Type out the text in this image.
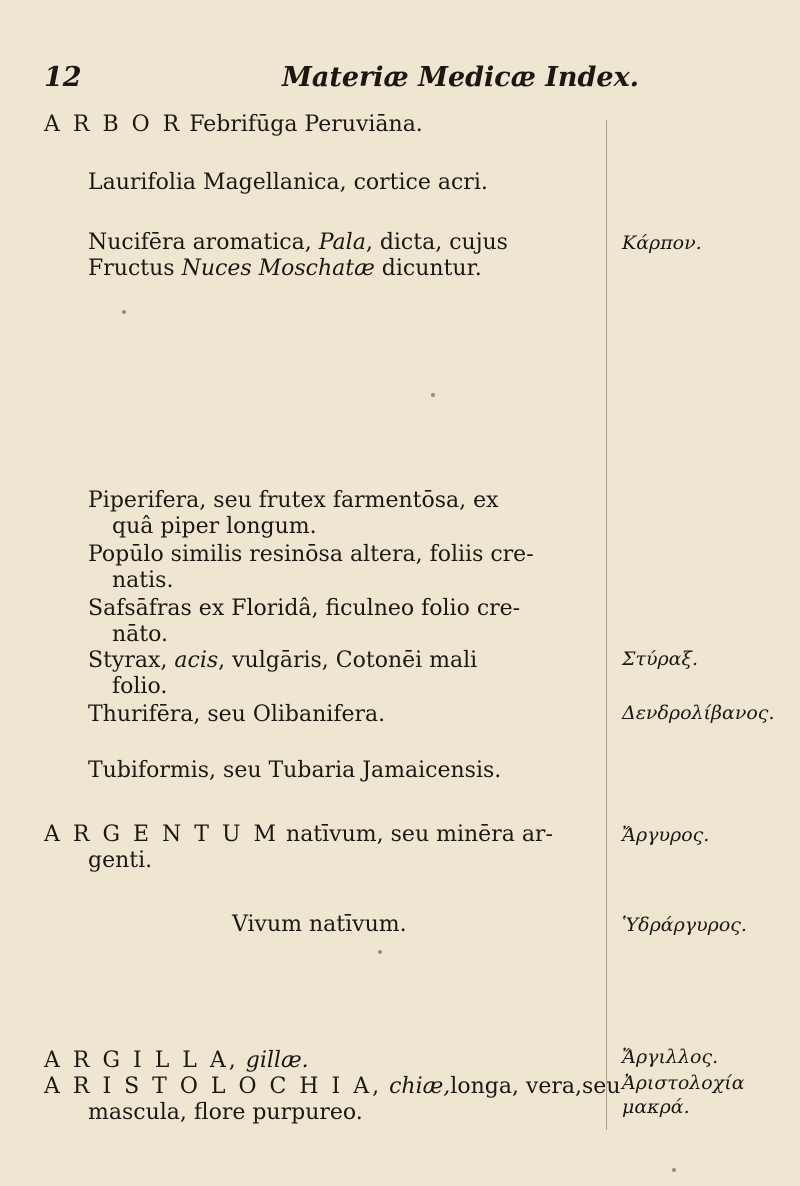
12	Materiæ Medicæ Index.
A R B O R Febrifūga Peruviāna.
Laurifolia Magellanica, cortice acri.
Nucifēra aromatica, Pala, dicta, cujus
Fructus Nuces Moschatæ dicuntur.
Piperifera, seu frutex farmentōsa, ex
quâ piper longum.
Popūlo similis resinōsa altera, foliis cre-
natis.
Safsāfras ex Floridâ, ficulneo folio cre-
nāto.
Styrax, acis, vulgāris, Cotonēi mali
folio.
Thurifēra, seu Olibanifera.
Tubiformis, seu Tubaria Jamaicensis.
A R G E N T U M natīvum, seu minēra ar-
genti.
Vivum natīvum.
A R G I L L A, gillæ.
A R I S T O L O C H I A, chiæ,longa, vera,seu
mascula, flore purpureo.
Κάρπον.
Στύραξ.
Δενδρολίβανος.
Ἄργυρος.
Ὑδράργυρος.
Ἄργιλλος.
Ἀριστολοχία
μακρά.
